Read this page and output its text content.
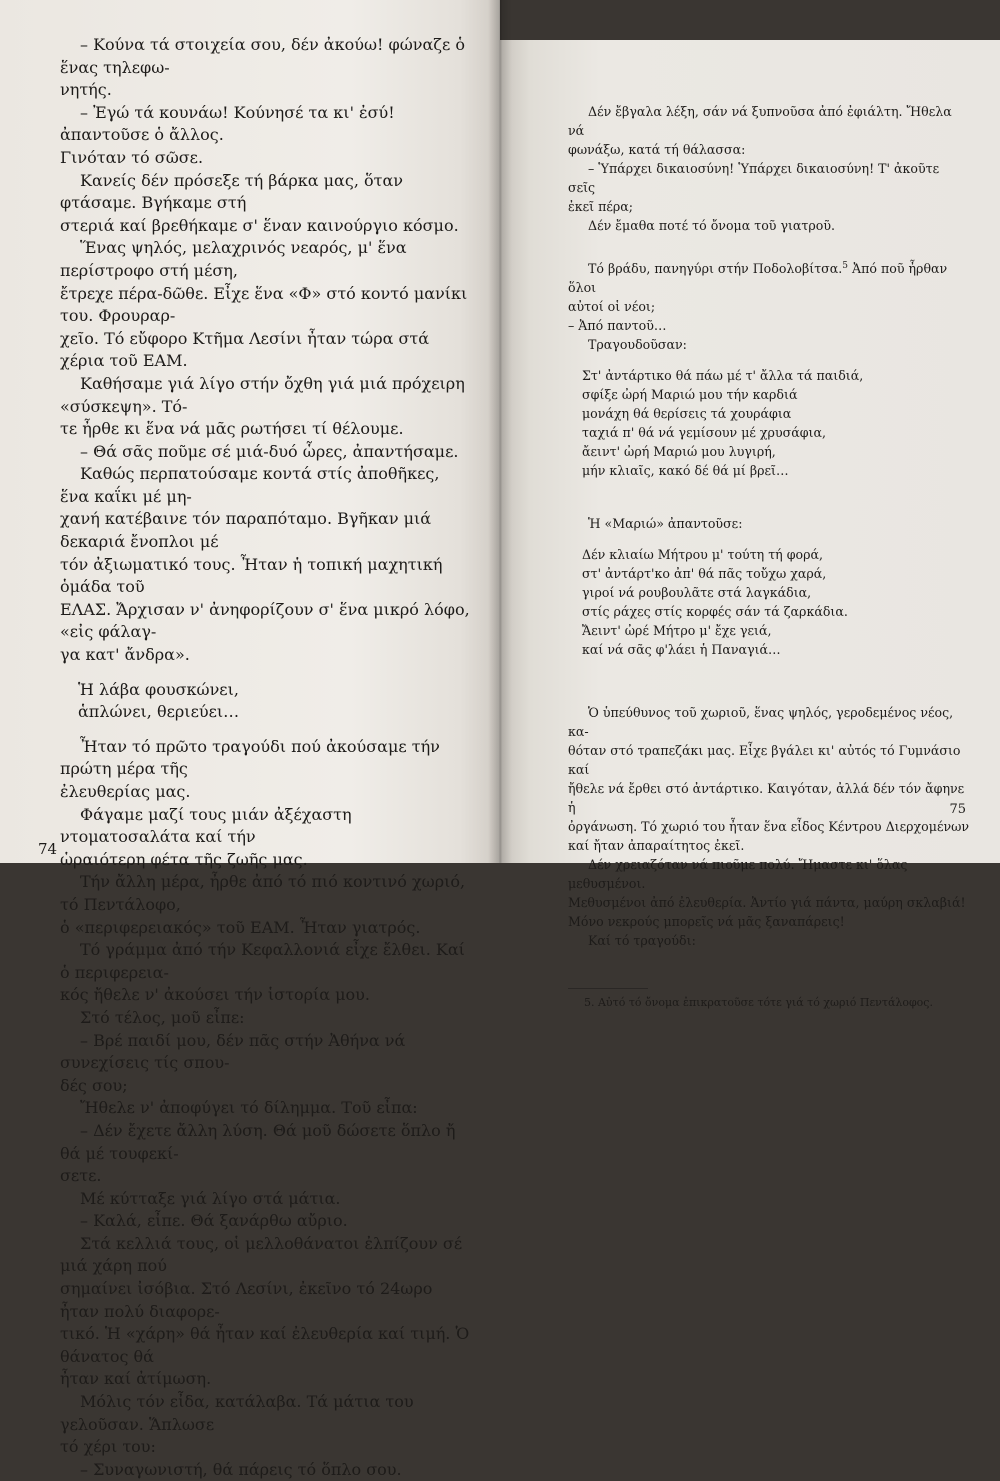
– Κούνα τά στοιχεία σου, δέν ἀκούω! φώναζε ὁ ἕνας τηλεφω-

νητής.

– Ἐγώ τά κουνάω! Κούνησέ τα κι' ἐσύ! ἀπαντοῦσε ὁ ἄλλος.

Γινόταν τό σῶσε.

Κανείς δέν πρόσεξε τή βάρκα μας, ὅταν φτάσαμε. Βγήκαμε στή

στεριά καί βρεθήκαμε σ' ἕναν καινούργιο κόσμο.

Ἕνας ψηλός, μελαχρινός νεαρός, μ' ἕνα περίστροφο στή μέση,

ἔτρεχε πέρα-δῶθε. Εἶχε ἕνα «Φ» στό κοντό μανίκι του. Φρουραρ-

χεῖο. Τό εὔφορο Κτῆμα Λεσίνι ἦταν τώρα στά χέρια τοῦ ΕΑΜ.

Καθήσαμε γιά λίγο στήν ὄχθη γιά μιά πρόχειρη «σύσκεψη». Τό-

τε ἦρθε κι ἕνα νά μᾶς ρωτήσει τί θέλουμε.

– Θά σᾶς ποῦμε σέ μιά-δυό ὧρες, ἀπαντήσαμε.

Καθώς περπατούσαμε κοντά στίς ἀποθῆκες, ἕνα καΐκι μέ μη-

χανή κατέβαινε τόν παραπόταμο. Βγῆκαν μιά δεκαριά ἔνοπλοι μέ

τόν ἀξιωματικό τους. Ἦταν ἡ τοπική μαχητική ὁμάδα τοῦ

ΕΛΑΣ. Ἄρχισαν ν' ἀνηφορίζουν σ' ἕνα μικρό λόφο, «εἰς φάλαγ-

γα κατ' ἄνδρα».

Ἡ λάβα φουσκώνει,
ἁπλώνει, θεριεύει…

Ἦταν τό πρῶτο τραγούδι πού ἀκούσαμε τήν πρώτη μέρα τῆς

ἐλευθερίας μας.

Φάγαμε μαζί τους μιάν ἀξέχαστη ντοματοσαλάτα καί τήν

ὡραιότερη φέτα τῆς ζωῆς μας.

Τήν ἄλλη μέρα, ἦρθε ἀπό τό πιό κοντινό χωριό, τό Πεντάλοφο,

ὁ «περιφερειακός» τοῦ ΕΑΜ. Ἦταν γιατρός.

Τό γράμμα ἀπό τήν Κεφαλλονιά εἶχε ἔλθει. Καί ὁ περιφερεια-

κός ἤθελε ν' ἀκούσει τήν ἱστορία μου.

Στό τέλος, μοῦ εἶπε:

– Βρέ παιδί μου, δέν πᾶς στήν Ἀθήνα νά συνεχίσεις τίς σπου-

δές σου;

Ἤθελε ν' ἀποφύγει τό δίλημμα. Τοῦ εἶπα:

– Δέν ἔχετε ἄλλη λύση. Θά μοῦ δώσετε ὅπλο ἤ θά μέ τουφεκί-

σετε.

Μέ κύτταξε γιά λίγο στά μάτια.

– Καλά, εἶπε. Θά ξανάρθω αὔριο.

Στά κελλιά τους, οἱ μελλοθάνατοι ἐλπίζουν σέ μιά χάρη πού

σημαίνει ἰσόβια. Στό Λεσίνι, ἐκεῖνο τό 24ωρο ἦταν πολύ διαφορε-

τικό. Ἡ «χάρη» θά ἦταν καί ἐλευθερία καί τιμή. Ὁ θάνατος θά

ἦταν καί ἀτίμωση.

Μόλις τόν εἶδα, κατάλαβα. Τά μάτια του γελοῦσαν. Ἅπλωσε

τό χέρι του:

– Συναγωνιστή, θά πάρεις τό ὅπλο σου.

74

Δέν ἔβγαλα λέξη, σάν νά ξυπνοῦσα ἀπό ἐφιάλτη. Ἤθελα νά

φωνάξω, κατά τή θάλασσα:

– Ὑπάρχει δικαιοσύνη! Ὑπάρχει δικαιοσύνη! Τ' ἀκοῦτε σεῖς

ἐκεῖ πέρα;

Δέν ἔμαθα ποτέ τό ὄνομα τοῦ γιατροῦ.

Τό βράδυ, πανηγύρι στήν Ποδολοβίτσα.$^5$ Ἀπό ποῦ ἦρθαν ὅλοι

αὐτοί οἱ νέοι;

– Ἀπό παντοῦ…

Τραγουδοῦσαν:

Στ' ἀντάρτικο θά πάω μέ τ' ἄλλα τά παιδιά,
σφίξε ὠρή Μαριώ μου τήν καρδιά
μονάχη θά θερίσεις τά χουράφια
ταχιά π' θά νά γεμίσουν μέ χρυσάφια,
ἄειντ' ὠρή Μαριώ μου λυγιρή,
μήν κλιαῖς, κακό δέ θά μί βρεῖ…

Ἡ «Μαριώ» ἀπαντοῦσε:

Δέν κλιαίω Μήτρου μ' τούτη τή φορά,
στ' ἀντάρτ'κο ἀπ' θά πᾶς τοὔχω χαρά,
γιροί νά ρουβουλᾶτε στά λαγκάδια,
στίς ράχες στίς κορφές σάν τά ζαρκάδια.
Ἄειντ' ὠρέ Μήτρο μ' ἔχε γειά,
καί νά σᾶς φ'λάει ἡ Παναγιά…

Ὁ ὑπεύθυνος τοῦ χωριοῦ, ἕνας ψηλός, γεροδεμένος νέος, κα-

θόταν στό τραπεζάκι μας. Εἶχε βγάλει κι' αὐτός τό Γυμνάσιο καί

ἤθελε νά ἔρθει στό ἀντάρτικο. Καιγόταν, ἀλλά δέν τόν ἄφηνε ἡ

ὀργάνωση. Τό χωριό του ἦταν ἕνα εἶδος Κέντρου Διερχομένων

καί ἤταν ἀπαραίτητος ἐκεῖ.

Δέν χρειαζόταν νά πιοῦμε πολύ. Ἤμαστε κι' ὅλας μεθυσμένοι.

Μεθυσμένοι ἀπό ἐλευθερία. Ἀντίο γιά πάντα, μαύρη σκλαβιά!

Μόνο νεκρούς μπορεῖς νά μᾶς ξαναπάρεις!

Καί τό τραγούδι:

5. Αὐτό τό ὄνομα ἐπικρατοῦσε τότε γιά τό χωριό Πεντάλοφος.

75
